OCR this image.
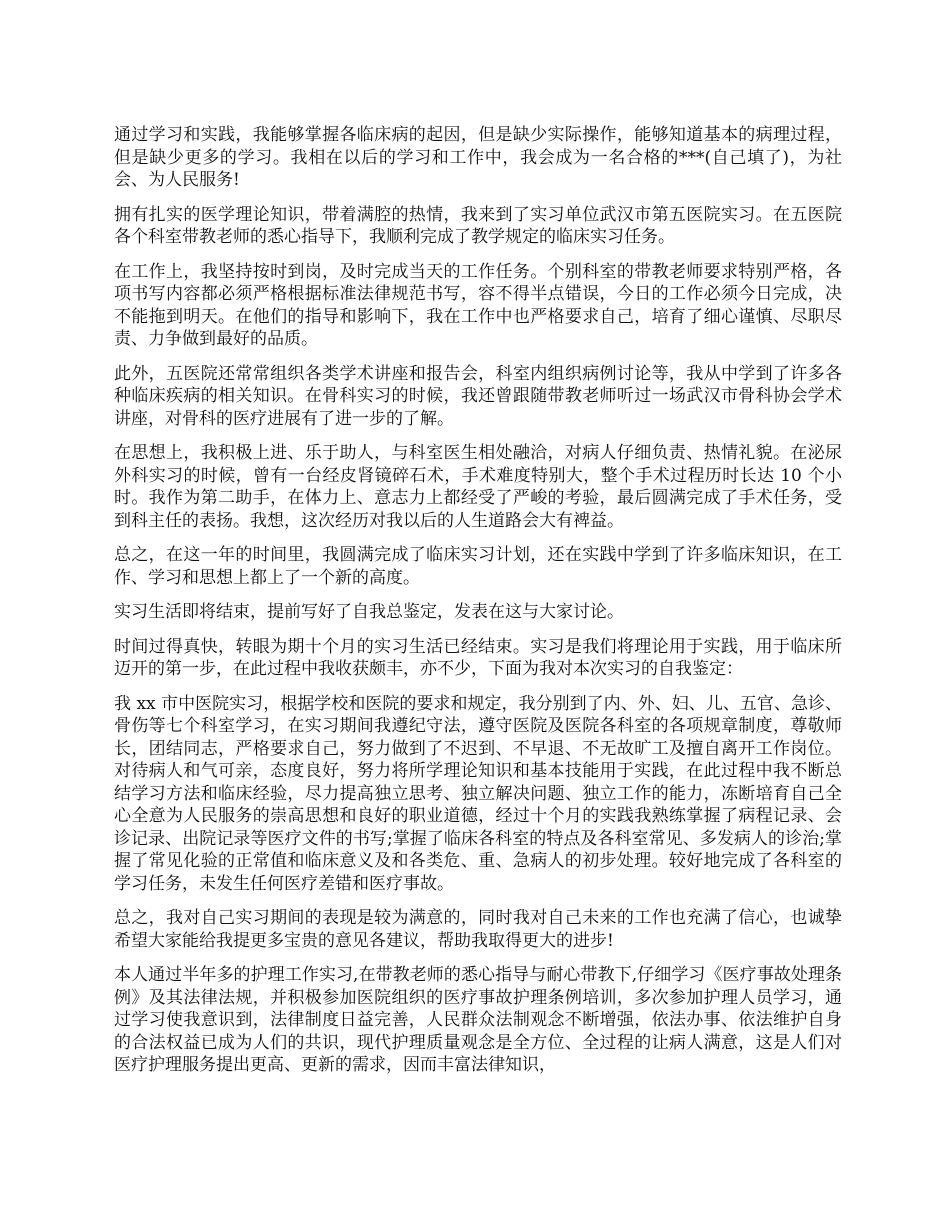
通过学习和实践，我能够掌握各临床病的起因，但是缺少实际操作，能够知道基本的病理过程，但是缺少更多的学习。我相在以后的学习和工作中，我会成为一名合格的***(自己填了)，为社会、为人民服务!

拥有扎实的医学理论知识，带着满腔的热情，我来到了实习单位武汉市第五医院实习。在五医院各个科室带教老师的悉心指导下，我顺利完成了教学规定的临床实习任务。

在工作上，我坚持按时到岗，及时完成当天的工作任务。个别科室的带教老师要求特别严格，各项书写内容都必须严格根据标准法律规范书写，容不得半点错误，今日的工作必须今日完成，决不能拖到明天。在他们的指导和影响下，我在工作中也严格要求自己，培育了细心谨慎、尽职尽责、力争做到最好的品质。

此外，五医院还常常组织各类学术讲座和报告会，科室内组织病例讨论等，我从中学到了许多各种临床疾病的相关知识。在骨科实习的时候，我还曾跟随带教老师听过一场武汉市骨科协会学术讲座，对骨科的医疗进展有了进一步的了解。

在思想上，我积极上进、乐于助人，与科室医生相处融洽，对病人仔细负责、热情礼貌。在泌尿外科实习的时候，曾有一台经皮肾镜碎石术，手术难度特别大，整个手术过程历时长达 10 个小时。我作为第二助手，在体力上、意志力上都经受了严峻的考验，最后圆满完成了手术任务，受到科主任的表扬。我想，这次经历对我以后的人生道路会大有裨益。

总之，在这一年的时间里，我圆满完成了临床实习计划，还在实践中学到了许多临床知识，在工作、学习和思想上都上了一个新的高度。

实习生活即将结束，提前写好了自我总鉴定，发表在这与大家讨论。

时间过得真快，转眼为期十个月的实习生活已经结束。实习是我们将理论用于实践，用于临床所迈开的第一步，在此过程中我收获颇丰，亦不少，下面为我对本次实习的自我鉴定：

我 xx 市中医院实习，根据学校和医院的要求和规定，我分别到了内、外、妇、儿、五官、急诊、骨伤等七个科室学习，在实习期间我遵纪守法，遵守医院及医院各科室的各项规章制度，尊敬师长，团结同志，严格要求自己，努力做到了不迟到、不早退、不无故旷工及擅自离开工作岗位。对待病人和气可亲，态度良好，努力将所学理论知识和基本技能用于实践，在此过程中我不断总结学习方法和临床经验，尽力提高独立思考、独立解决问题、独立工作的能力，冻断培育自己全心全意为人民服务的崇高思想和良好的职业道德，经过十个月的实践我熟练掌握了病程记录、会诊记录、出院记录等医疗文件的书写;掌握了临床各科室的特点及各科室常见、多发病人的诊治;掌握了常见化验的正常值和临床意义及和各类危、重、急病人的初步处理。较好地完成了各科室的学习任务，未发生任何医疗差错和医疗事故。

总之，我对自己实习期间的表现是较为满意的，同时我对自己未来的工作也充满了信心，也诚挚希望大家能给我提更多宝贵的意见各建议，帮助我取得更大的进步!

本人通过半年多的护理工作实习,在带教老师的悉心指导与耐心带教下,仔细学习《医疗事故处理条例》及其法律法规，并积极参加医院组织的医疗事故护理条例培训，多次参加护理人员学习，通过学习使我意识到，法律制度日益完善，人民群众法制观念不断增强，依法办事、依法维护自身的合法权益已成为人们的共识，现代护理质量观念是全方位、全过程的让病人满意，这是人们对医疗护理服务提出更高、更新的需求，因而丰富法律知识，
